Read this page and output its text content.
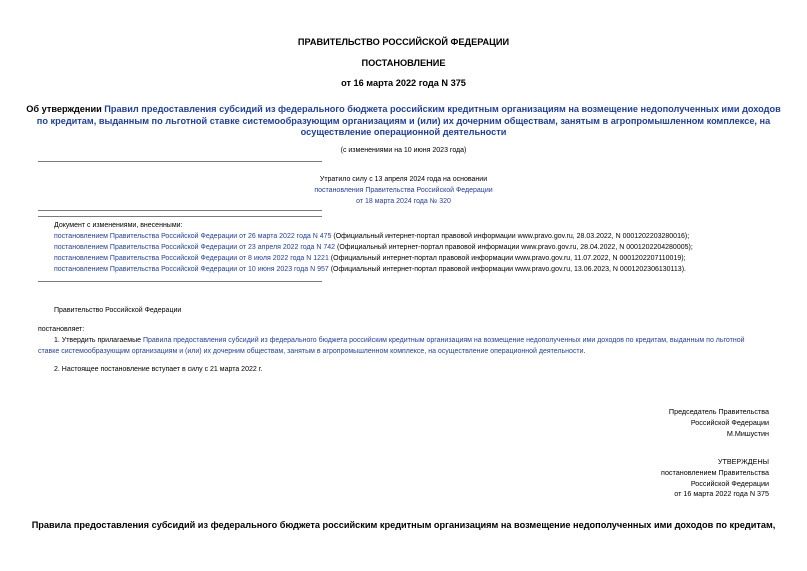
ПРАВИТЕЛЬСТВО РОССИЙСКОЙ ФЕДЕРАЦИИ
ПОСТАНОВЛЕНИЕ
от 16 марта 2022 года N 375
Об утверждении Правил предоставления субсидий из федерального бюджета российским кредитным организациям на возмещение недополученных ими доходов
по кредитам, выданным по льготной ставке системообразующим организациям и (или) их дочерним обществам, занятым в агропромышленном комплексе, на
осуществление операционной деятельности
(с изменениями на 10 июня 2023 года)
Утратило силу с 13 апреля 2024 года на основании
постановления Правительства Российской Федерации
от 18 марта 2024 года № 320
Документ с изменениями, внесенными:
постановлением Правительства Российской Федерации от 26 марта 2022 года N 475 (Официальный интернет-портал правовой информации www.pravo.gov.ru, 28.03.2022, N 0001202203280016);
постановлением Правительства Российской Федерации от 23 апреля 2022 года N 742 (Официальный интернет-портал правовой информации www.pravo.gov.ru, 28.04.2022, N 0001202204280005);
постановлением Правительства Российской Федерации от 8 июля 2022 года N 1221 (Официальный интернет-портал правовой информации www.pravo.gov.ru, 11.07.2022, N 0001202207110019);
постановлением Правительства Российской Федерации от 10 июня 2023 года N 957 (Официальный интернет-портал правовой информации www.pravo.gov.ru, 13.06.2023, N 0001202306130113).
Правительство Российской Федерации
постановляет:
1. Утвердить прилагаемые Правила предоставления субсидий из федерального бюджета российским кредитным организациям на возмещение недополученных ими доходов по кредитам, выданным по льготной
ставке системообразующим организациям и (или) их дочерним обществам, занятым в агропромышленном комплексе, на осуществление операционной деятельности.
2. Настоящее постановление вступает в силу с 21 марта 2022 г.
Председатель Правительства
Российской Федерации
М.Мишустин
УТВЕРЖДЕНЫ
постановлением Правительства
Российской Федерации
от 16 марта 2022 года N 375
Правила предоставления субсидий из федерального бюджета российским кредитным организациям на возмещение недополученных ими доходов по кредитам,
